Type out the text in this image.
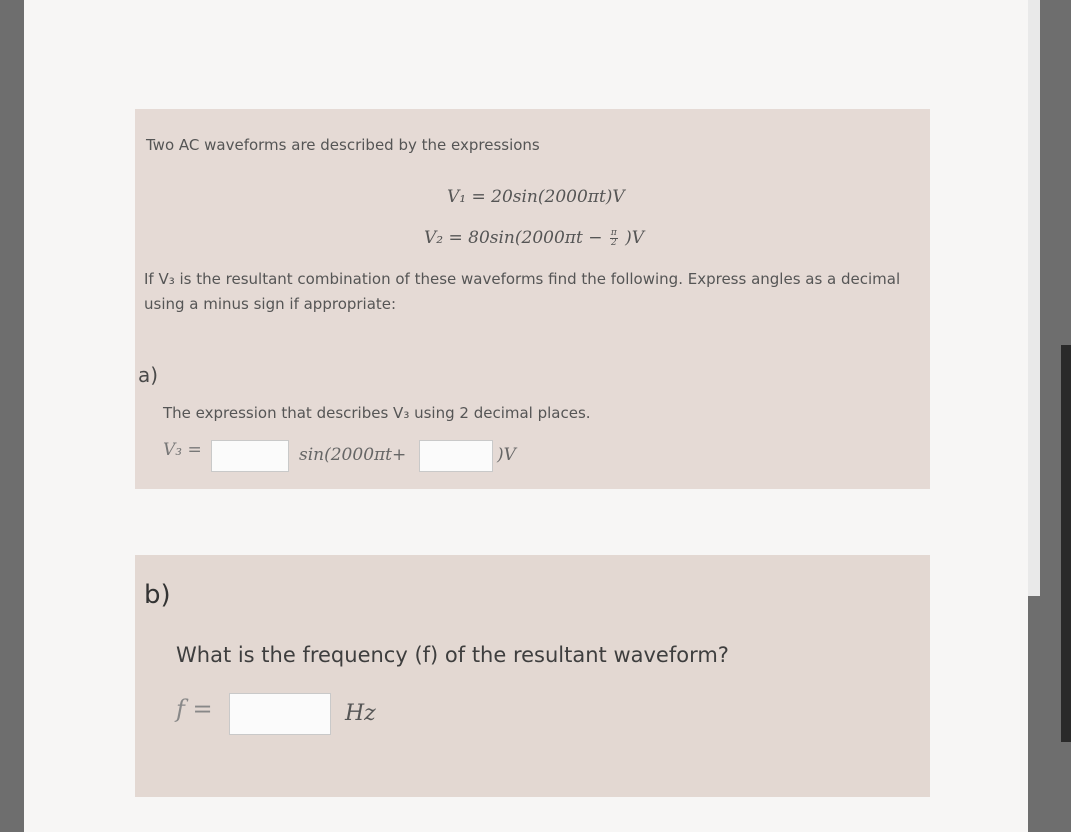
Two AC waveforms are described by the expressions
V₁ = 20sin(2000πt)V
$V_2 = 80\sin(2000\pi t - \frac{\pi}{2} )V$
If V₃ is the resultant combination of these waveforms find the following. Express angles as a decimal using a minus sign if appropriate:
a)
The expression that describes V₃ using 2 decimal places.
V₃ =	sin(2000πt+	)V
b)
What is the frequency (f) of the resultant waveform?
f =	Hz
